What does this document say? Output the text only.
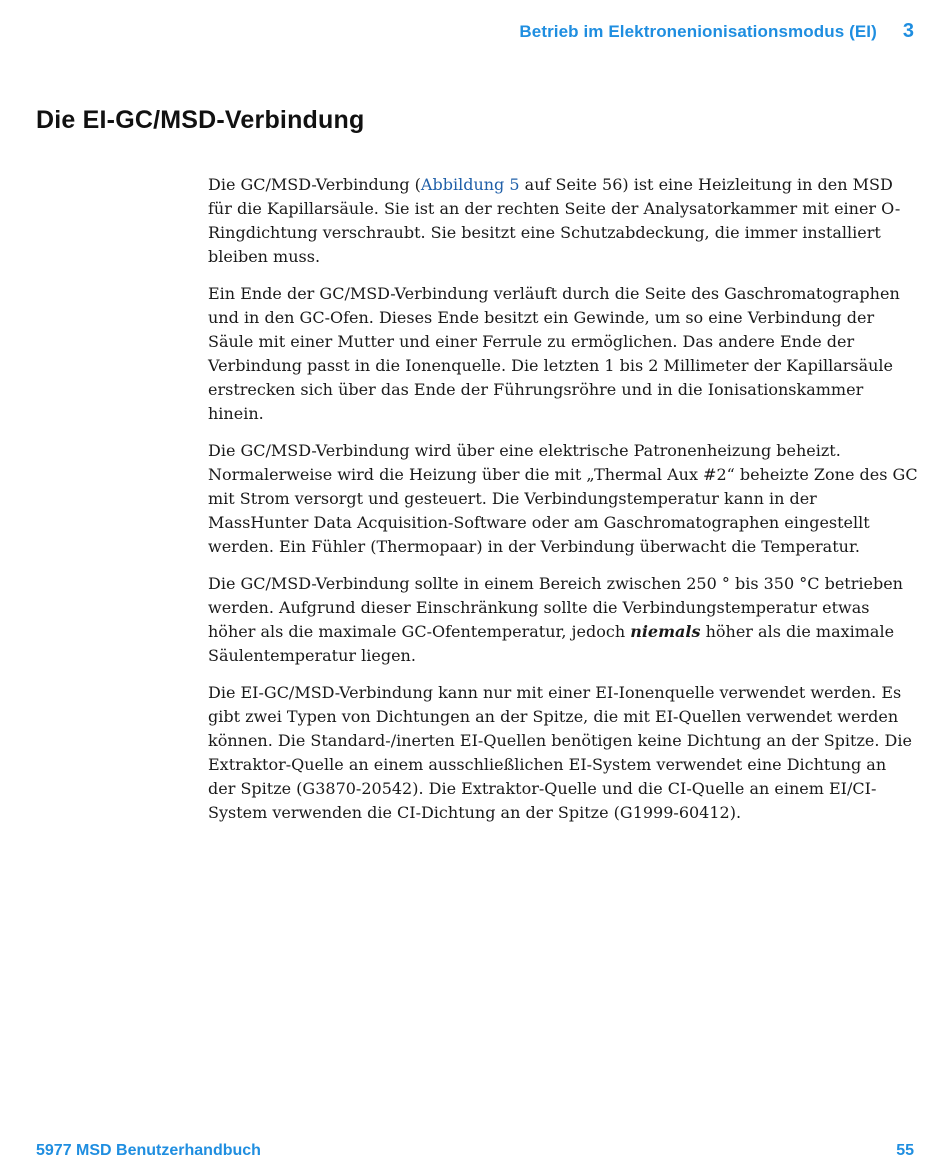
Betrieb im Elektronenionisationsmodus (EI) 3
Die EI-GC/MSD-Verbindung

Die GC/MSD-Verbindung (Abbildung 5 auf Seite 56) ist eine Heizleitung in den MSD für die Kapillarsäule. Sie ist an der rechten Seite der Analysatorkammer mit einer O-Ringdichtung verschraubt. Sie besitzt eine Schutzabdeckung, die immer installiert bleiben muss.

Ein Ende der GC/MSD-Verbindung verläuft durch die Seite des Gaschromatographen und in den GC-Ofen. Dieses Ende besitzt ein Gewinde, um so eine Verbindung der Säule mit einer Mutter und einer Ferrule zu ermöglichen. Das andere Ende der Verbindung passt in die Ionenquelle. Die letzten 1 bis 2 Millimeter der Kapillarsäule erstrecken sich über das Ende der Führungsröhre und in die Ionisationskammer hinein.

Die GC/MSD-Verbindung wird über eine elektrische Patronenheizung beheizt. Normalerweise wird die Heizung über die mit „Thermal Aux #2“ beheizte Zone des GC mit Strom versorgt und gesteuert. Die Verbindungstemperatur kann in der MassHunter Data Acquisition-Software oder am Gaschromatographen eingestellt werden. Ein Fühler (Thermopaar) in der Verbindung überwacht die Temperatur.

Die GC/MSD-Verbindung sollte in einem Bereich zwischen 250 ° bis 350 °C betrieben werden. Aufgrund dieser Einschränkung sollte die Verbindungstemperatur etwas höher als die maximale GC-Ofentemperatur, jedoch niemals höher als die maximale Säulentemperatur liegen.

Die EI-GC/MSD-Verbindung kann nur mit einer EI-Ionenquelle verwendet werden. Es gibt zwei Typen von Dichtungen an der Spitze, die mit EI-Quellen verwendet werden können. Die Standard-/inerten EI-Quellen benötigen keine Dichtung an der Spitze. Die Extraktor-Quelle an einem ausschließlichen EI-System verwendet eine Dichtung an der Spitze (G3870-20542). Die Extraktor-Quelle und die CI-Quelle an einem EI/CI-System verwenden die CI-Dichtung an der Spitze (G1999-60412).

5977 MSD Benutzerhandbuch	55
